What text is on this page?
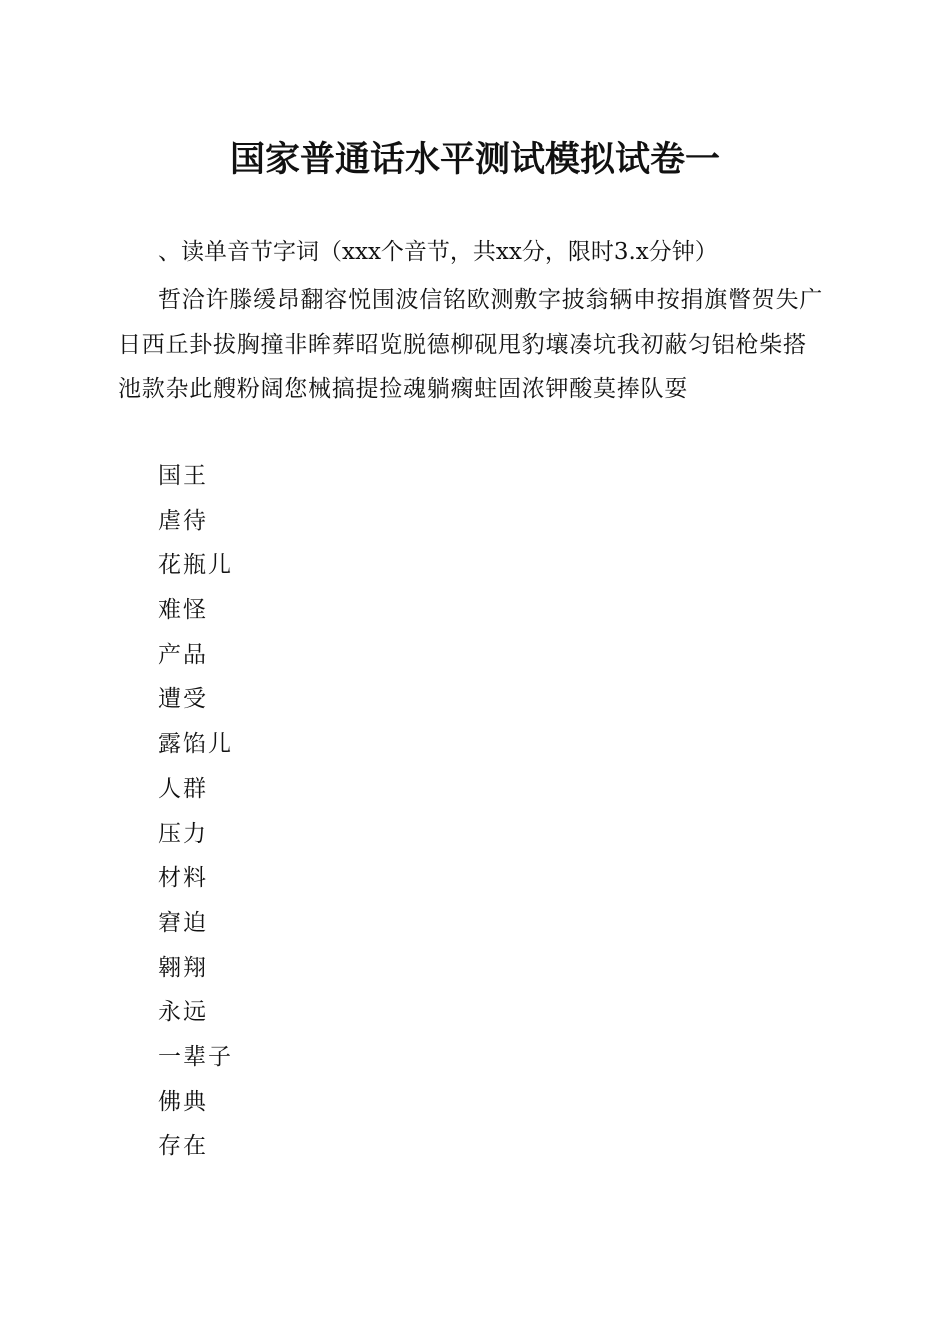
国家普通话水平测试模拟试卷一
、读单音节字词（xxx个音节，共xx分，限时3.x分钟）
哲洽许滕缓昂翻容悦围波信铭欧测敷字披翁辆申按捐旗瞥贺失广日西丘卦拔胸撞非眸葬昭览脱德柳砚甩豹壤凑坑我初蔽匀铝枪柴搭池款杂此艘粉阔您械搞提捡魂躺瘸蛀固浓钾酸莫捧队耍
国王
虐待
花瓶儿
难怪
产品
遭受
露馅儿
人群
压力
材料
窘迫
翱翔
永远
一辈子
佛典
存在
